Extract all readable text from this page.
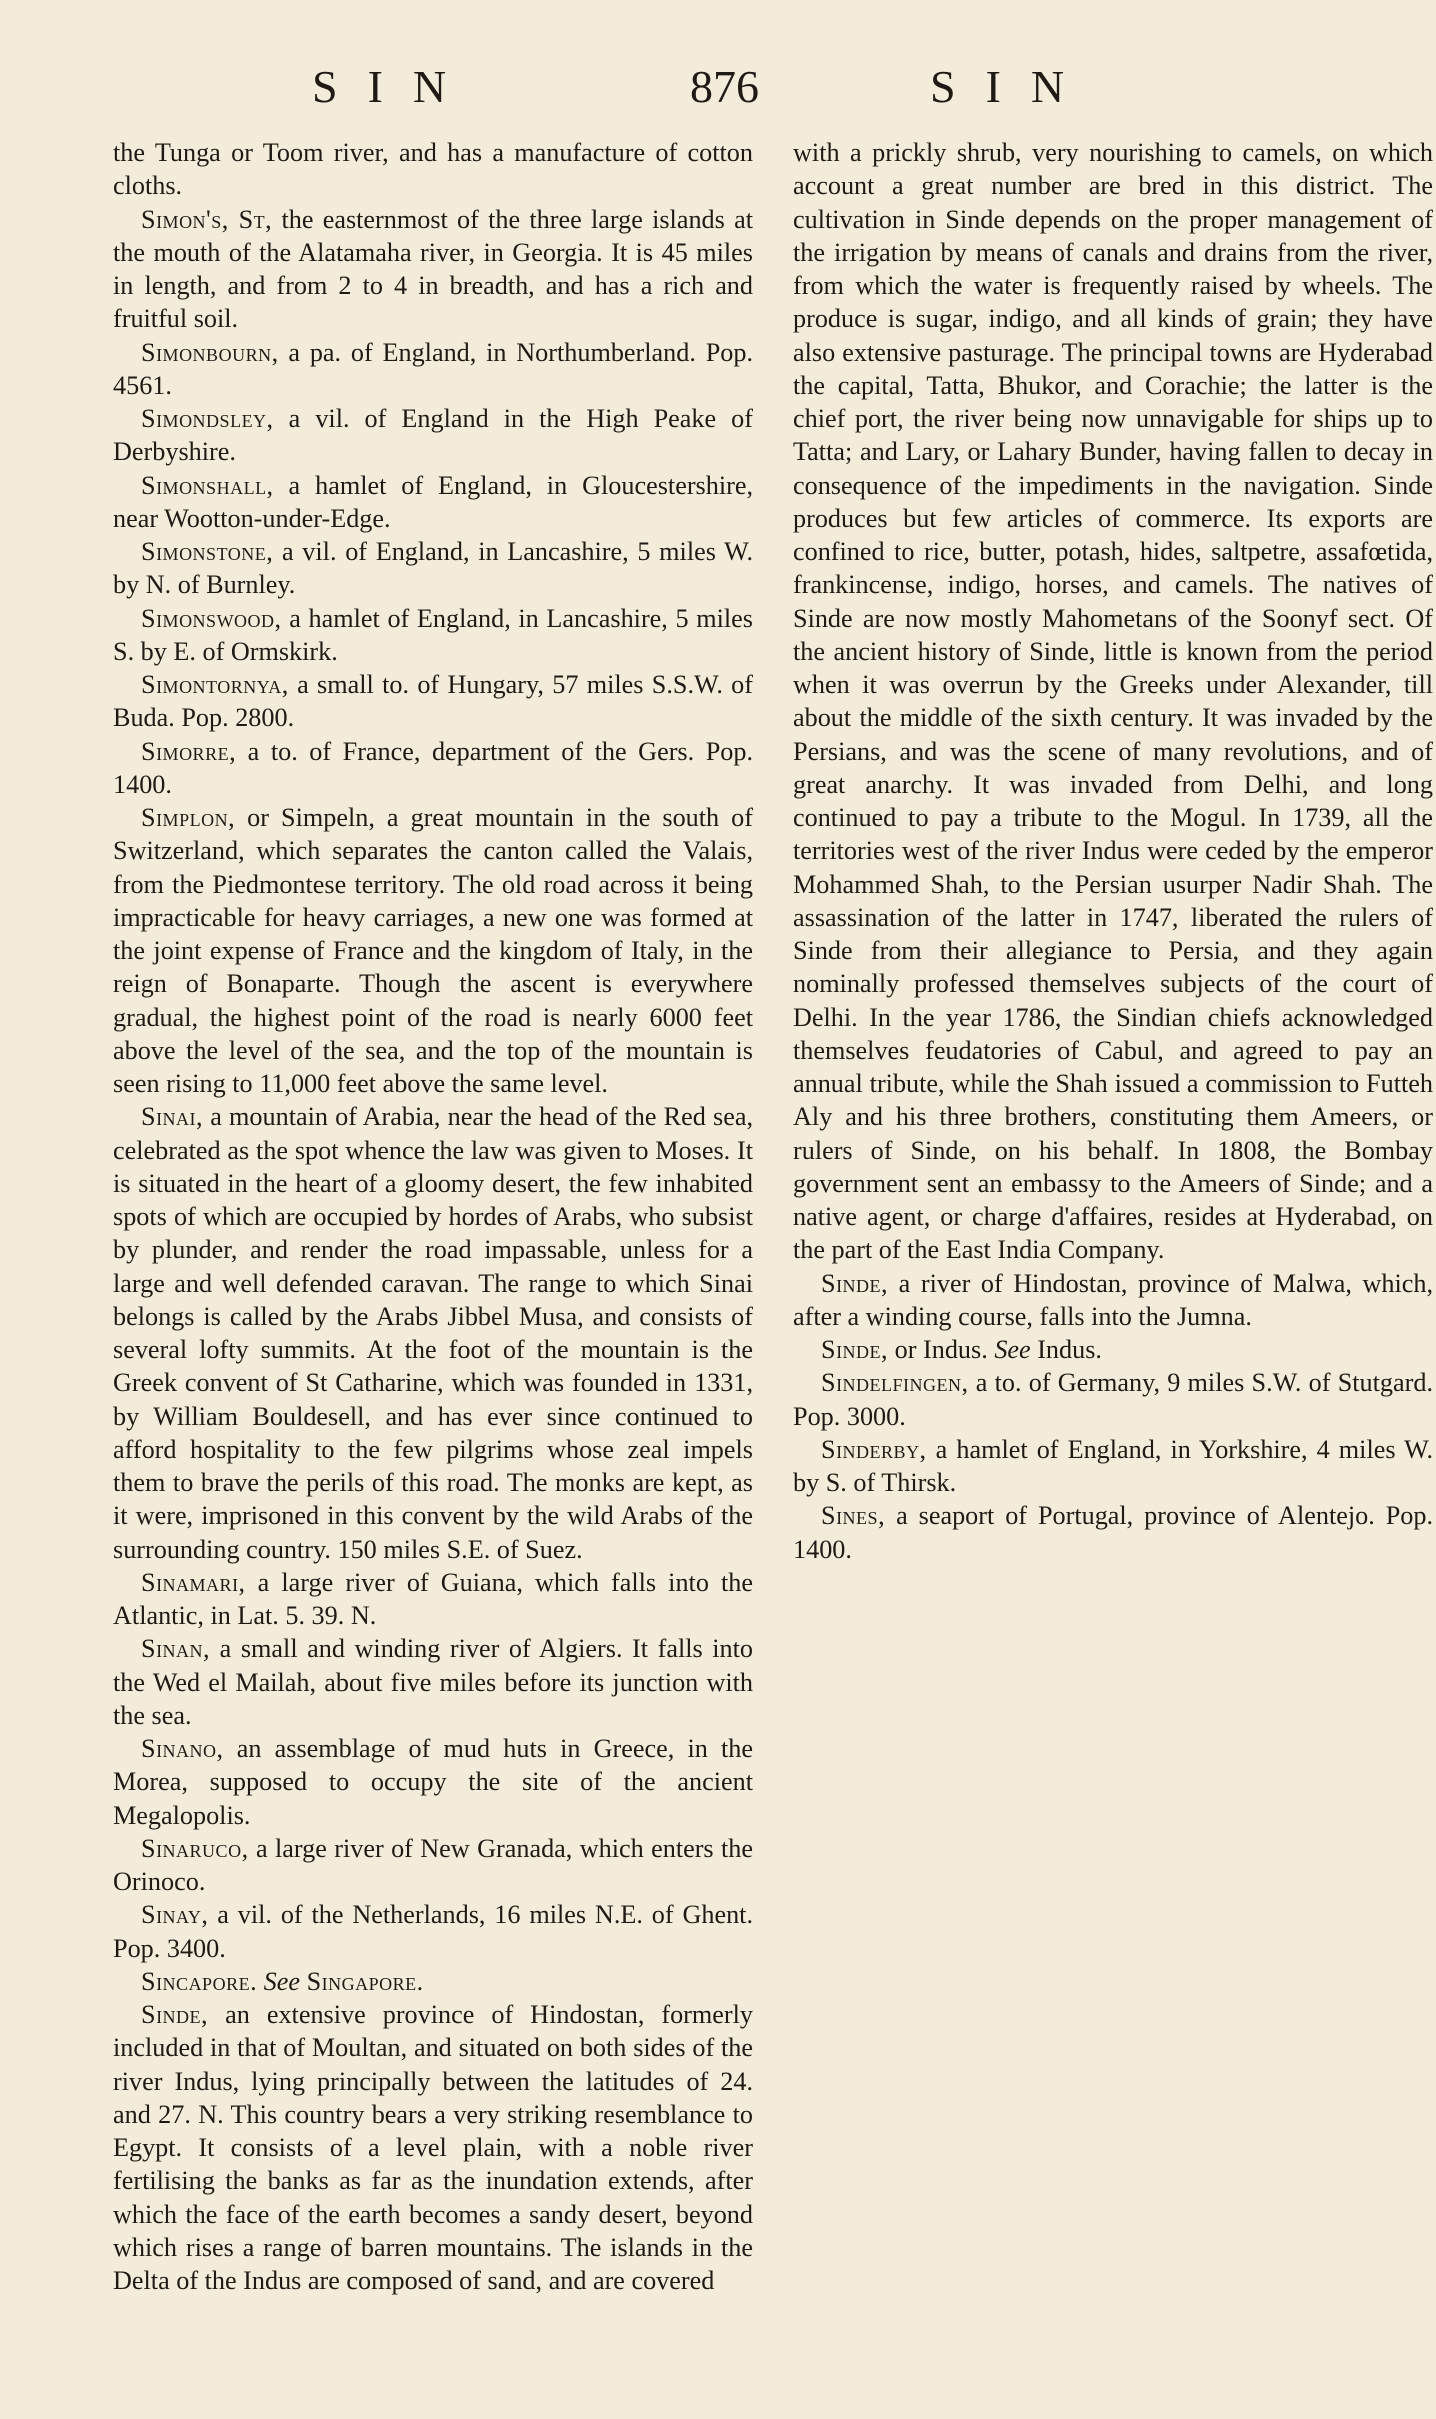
SIN	876	SIN

the Tunga or Toom river, and has a manufacture of cotton cloths.

Simon's, St, the easternmost of the three large islands at the mouth of the Alatamaha river, in Georgia. It is 45 miles in length, and from 2 to 4 in breadth, and has a rich and fruitful soil.

Simonbourn, a pa. of England, in Northumberland. Pop. 4561.

Simondsley, a vil. of England in the High Peake of Derbyshire.

Simonshall, a hamlet of England, in Gloucestershire, near Wootton-under-Edge.

Simonstone, a vil. of England, in Lancashire, 5 miles W. by N. of Burnley.

Simonswood, a hamlet of England, in Lancashire, 5 miles S. by E. of Ormskirk.

Simontornya, a small to. of Hungary, 57 miles S.S.W. of Buda. Pop. 2800.

Simorre, a to. of France, department of the Gers. Pop. 1400.

Simplon, or Simpeln, a great mountain in the south of Switzerland, which separates the canton called the Valais, from the Piedmontese territory. The old road across it being impracticable for heavy carriages, a new one was formed at the joint expense of France and the kingdom of Italy, in the reign of Bonaparte. Though the ascent is everywhere gradual, the highest point of the road is nearly 6000 feet above the level of the sea, and the top of the mountain is seen rising to 11,000 feet above the same level.

Sinai, a mountain of Arabia, near the head of the Red sea, celebrated as the spot whence the law was given to Moses. It is situated in the heart of a gloomy desert, the few inhabited spots of which are occupied by hordes of Arabs, who subsist by plunder, and render the road impassable, unless for a large and well defended caravan. The range to which Sinai belongs is called by the Arabs Jibbel Musa, and consists of several lofty summits. At the foot of the mountain is the Greek convent of St Catharine, which was founded in 1331, by William Bouldesell, and has ever since continued to afford hospitality to the few pilgrims whose zeal impels them to brave the perils of this road. The monks are kept, as it were, imprisoned in this convent by the wild Arabs of the surrounding country. 150 miles S.E. of Suez.

Sinamari, a large river of Guiana, which falls into the Atlantic, in Lat. 5. 39. N.

Sinan, a small and winding river of Algiers. It falls into the Wed el Mailah, about five miles before its junction with the sea.

Sinano, an assemblage of mud huts in Greece, in the Morea, supposed to occupy the site of the ancient Megalopolis.

Sinaruco, a large river of New Granada, which enters the Orinoco.

Sinay, a vil. of the Netherlands, 16 miles N.E. of Ghent. Pop. 3400.

Sincapore. See Singapore.

Sinde, an extensive province of Hindostan, formerly included in that of Moultan, and situated on both sides of the river Indus, lying principally between the latitudes of 24. and 27. N. This country bears a very striking resemblance to Egypt. It consists of a level plain, with a noble river fertilising the banks as far as the inundation extends, after which the face of the earth becomes a sandy desert, beyond which rises a range of barren mountains. The islands in the Delta of the Indus are composed of sand, and are covered

with a prickly shrub, very nourishing to camels, on which account a great number are bred in this district. The cultivation in Sinde depends on the proper management of the irrigation by means of canals and drains from the river, from which the water is frequently raised by wheels. The produce is sugar, indigo, and all kinds of grain; they have also extensive pasturage. The principal towns are Hyderabad the capital, Tatta, Bhukor, and Corachie; the latter is the chief port, the river being now unnavigable for ships up to Tatta; and Lary, or Lahary Bunder, having fallen to decay in consequence of the impediments in the navigation. Sinde produces but few articles of commerce. Its exports are confined to rice, butter, potash, hides, saltpetre, assafœtida, frankincense, indigo, horses, and camels. The natives of Sinde are now mostly Mahometans of the Soonyf sect. Of the ancient history of Sinde, little is known from the period when it was overrun by the Greeks under Alexander, till about the middle of the sixth century. It was invaded by the Persians, and was the scene of many revolutions, and of great anarchy. It was invaded from Delhi, and long continued to pay a tribute to the Mogul. In 1739, all the territories west of the river Indus were ceded by the emperor Mohammed Shah, to the Persian usurper Nadir Shah. The assassination of the latter in 1747, liberated the rulers of Sinde from their allegiance to Persia, and they again nominally professed themselves subjects of the court of Delhi. In the year 1786, the Sindian chiefs acknowledged themselves feudatories of Cabul, and agreed to pay an annual tribute, while the Shah issued a commission to Futteh Aly and his three brothers, constituting them Ameers, or rulers of Sinde, on his behalf. In 1808, the Bombay government sent an embassy to the Ameers of Sinde; and a native agent, or charge d'affaires, resides at Hyderabad, on the part of the East India Company.

Sinde, a river of Hindostan, province of Malwa, which, after a winding course, falls into the Jumna.

Sinde, or Indus. See Indus.

Sindelfingen, a to. of Germany, 9 miles S.W. of Stutgard. Pop. 3000.

Sinderby, a hamlet of England, in Yorkshire, 4 miles W. by S. of Thirsk.

Sines, a seaport of Portugal, province of Alentejo. Pop. 1400.
